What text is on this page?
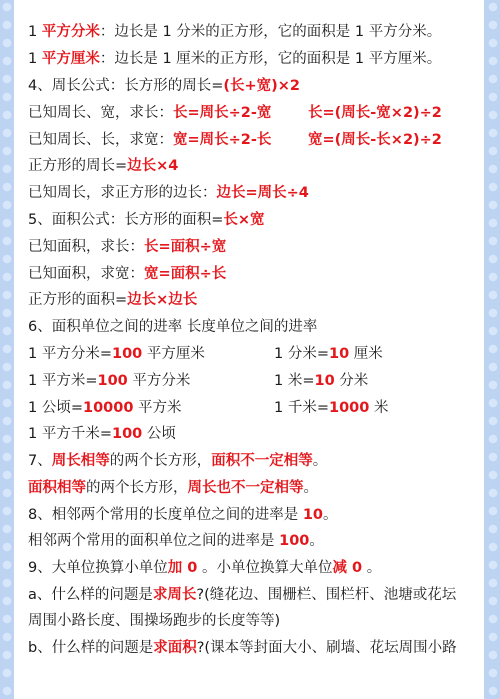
1 平方分米：边长是 1 分米的正方形，它的面积是 1 平方分米。
1 平方厘米：边长是 1 厘米的正方形，它的面积是 1 平方厘米。
4、周长公式：长方形的周长=(长+宽)×2
已知周长、宽，求长：长=周长÷2-宽	长=(周长-宽×2)÷2
已知周长、长，求宽：宽=周长÷2-长	宽=(周长-长×2)÷2
正方形的周长=边长×4
已知周长，求正方形的边长：边长=周长÷4
5、面积公式：长方形的面积=长×宽
已知面积，求长：长=面积÷宽
已知面积，求宽：宽=面积÷长
正方形的面积=边长×边长
6、面积单位之间的进率 长度单位之间的进率
1 平方分米=100 平方厘米	1 分米=10 厘米
1 平方米=100 平方分米	1 米=10 分米
1 公顷=10000 平方米	1 千米=1000 米
1 平方千米=100 公顷
7、周长相等的两个长方形，面积不一定相等。
面积相等的两个长方形，周长也不一定相等。
8、相邻两个常用的长度单位之间的进率是 10。
相邻两个常用的面积单位之间的进率是 100。
9、大单位换算小单位加 0 。小单位换算大单位减 0 。
a、什么样的问题是求周长?(缝花边、围栅栏、围栏杆、池塘或花坛
周围小路长度、围操场跑步的长度等等)
b、什么样的问题是求面积?(课本等封面大小、刷墙、花坛周围小路
